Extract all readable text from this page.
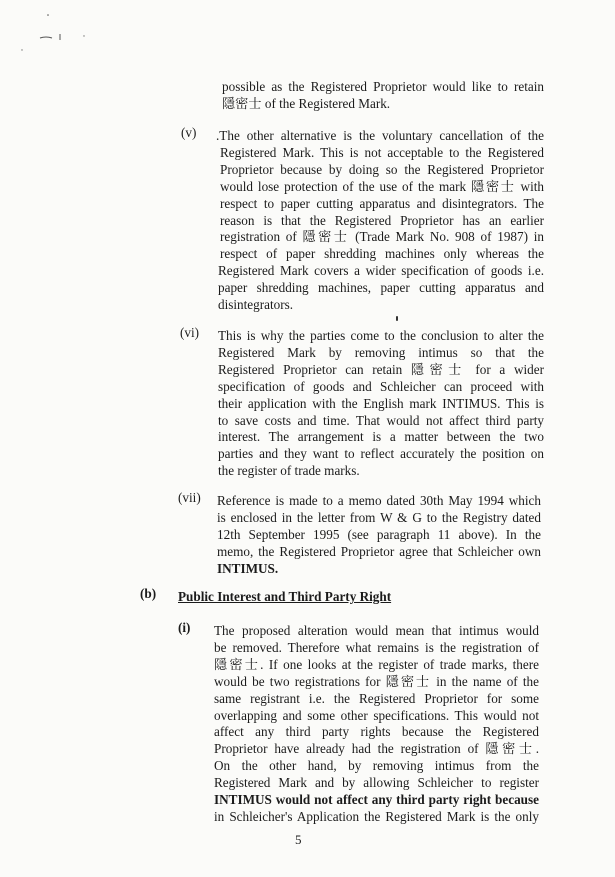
possible as the Registered Proprietor would like to retain
隱密士 of the Registered Mark.
(v) .The other alternative is the voluntary cancellation of the
Registered Mark. This is not acceptable to the Registered
Proprietor because by doing so the Registered Proprietor
would lose protection of the use of the mark 隱密士 with
respect to paper cutting apparatus and disintegrators. The
reason is that the Registered Proprietor has an earlier
registration of 隱密士 (Trade Mark No. 908 of 1987) in
respect of paper shredding machines only whereas the
Registered Mark covers a wider specification of goods i.e.
paper shredding machines, paper cutting apparatus and
disintegrators.
(vi) This is why the parties come to the conclusion to alter the
Registered Mark by removing intimus so that the
Registered Proprietor can retain 隱密士 for a wider
specification of goods and Schleicher can proceed with
their application with the English mark INTIMUS. This is
to save costs and time. That would not affect third party
interest. The arrangement is a matter between the two
parties and they want to reflect accurately the position on
the register of trade marks.
(vii) Reference is made to a memo dated 30th May 1994 which
is enclosed in the letter from W & G to the Registry dated
12th September 1995 (see paragraph 11 above). In the
memo, the Registered Proprietor agree that Schleicher own
INTIMUS.
(b) Public Interest and Third Party Right
(i) The proposed alteration would mean that intimus would
be removed. Therefore what remains is the registration of
隱密士. If one looks at the register of trade marks, there
would be two registrations for 隱密士 in the name of the
same registrant i.e. the Registered Proprietor for some
overlapping and some other specifications. This would not
affect any third party rights because the Registered
Proprietor have already had the registration of 隱密士.
On the other hand, by removing intimus from the
Registered Mark and by allowing Schleicher to register
INTIMUS would not affect any third party right because
in Schleicher's Application the Registered Mark is the only
5
